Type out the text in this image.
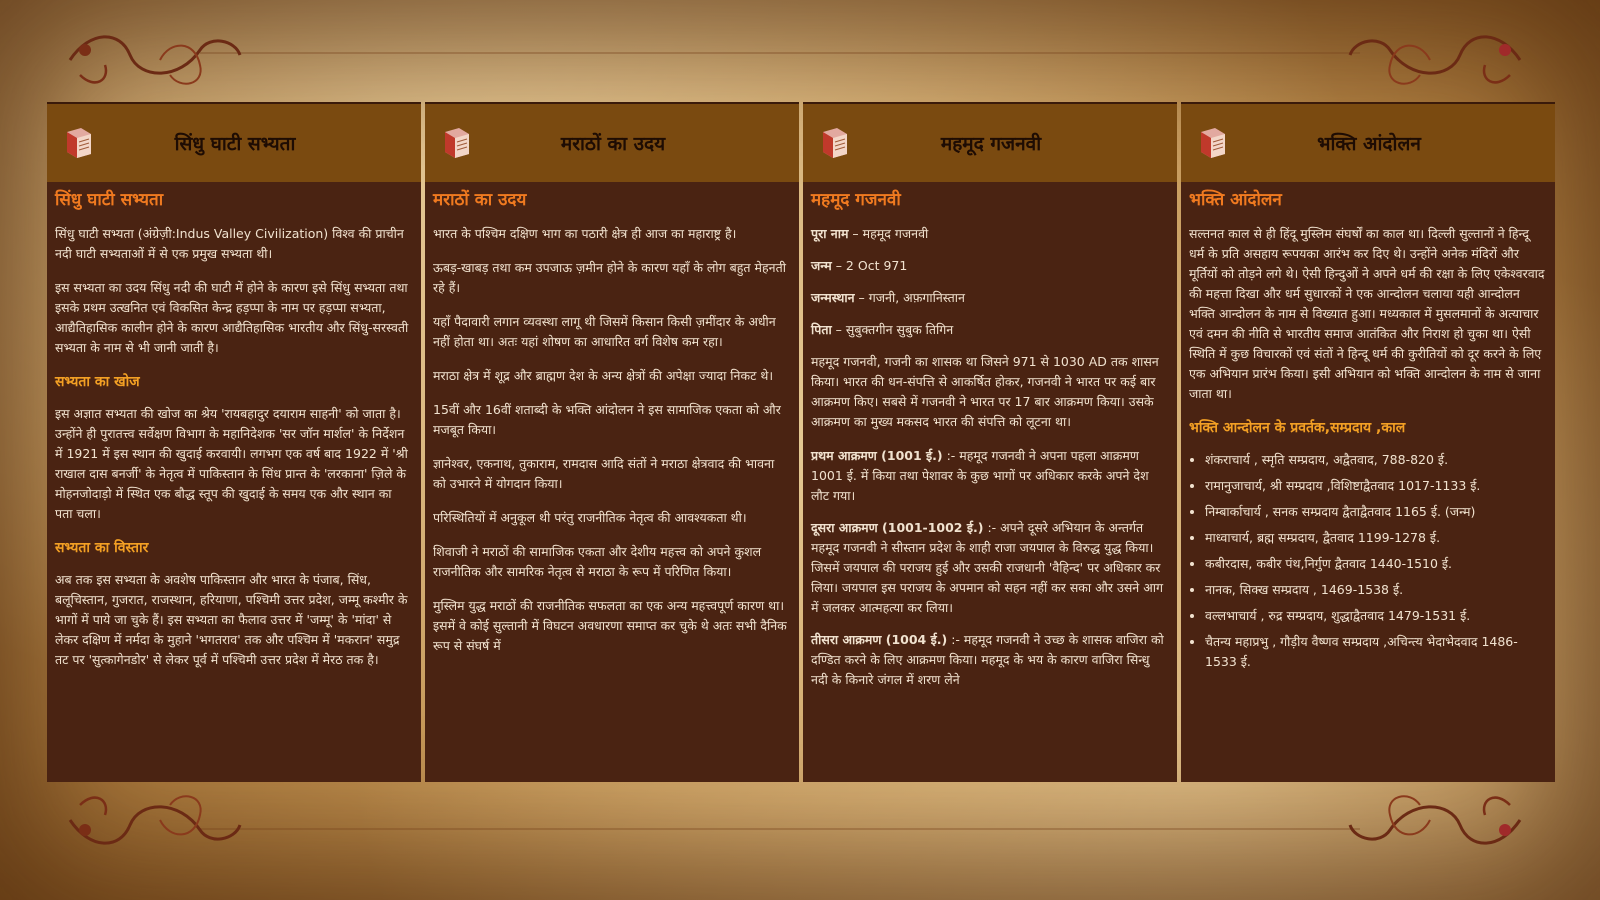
सिंधु घाटी सभ्यता
सिंधु घाटी सभ्यता

सिंधु घाटी सभ्यता (अंग्रेज़ी:Indus Valley Civilization) विश्व की प्राचीन नदी घाटी सभ्यताओं में से एक प्रमुख सभ्यता थी।

इस सभ्यता का उदय सिंधु नदी की घाटी में होने के कारण इसे सिंधु सभ्यता तथा इसके प्रथम उत्खनित एवं विकसित केन्द्र हड़प्पा के नाम पर हड़प्पा सभ्यता, आद्यैतिहासिक कालीन होने के कारण आद्यैतिहासिक भारतीय और सिंधु-सरस्वती सभ्यता के नाम से भी जानी जाती है।

सभ्यता का खोज

इस अज्ञात सभ्यता की खोज का श्रेय 'रायबहादुर दयाराम साहनी' को जाता है। उन्होंने ही पुरातत्त्व सर्वेक्षण विभाग के महानिदेशक 'सर जॉन मार्शल' के निर्देशन में 1921 में इस स्थान की खुदाई करवायी। लगभग एक वर्ष बाद 1922 में 'श्री राखाल दास बनर्जी' के नेतृत्व में पाकिस्तान के सिंध प्रान्त के 'लरकाना' ज़िले के मोहनजोदाड़ो में स्थित एक बौद्ध स्तूप की खुदाई के समय एक और स्थान का पता चला।

सभ्यता का विस्तार

अब तक इस सभ्यता के अवशेष पाकिस्तान और भारत के पंजाब, सिंध, बलूचिस्तान, गुजरात, राजस्थान, हरियाणा, पश्चिमी उत्तर प्रदेश, जम्मू कश्मीर के भागों में पाये जा चुके हैं। इस सभ्यता का फैलाव उत्तर में 'जम्मू' के 'मांदा' से लेकर दक्षिण में नर्मदा के मुहाने 'भगतराव' तक और पश्चिम में 'मकरान' समुद्र तट पर 'सुत्कागेनडोर' से लेकर पूर्व में पश्चिमी उत्तर प्रदेश में मेरठ तक है।

मराठों का उदय
मराठों का उदय

भारत के पश्चिम दक्षिण भाग का पठारी क्षेत्र ही आज का महाराष्ट्र है।

ऊबड़-खाबड़ तथा कम उपजाऊ ज़मीन होने के कारण यहाँ के लोग बहुत मेहनती रहे हैं।

यहाँ पैदावारी लगान व्यवस्था लागू थी जिसमें किसान किसी ज़मींदार के अधीन नहीं होता था। अतः यहां शोषण का आधारित वर्ग विशेष कम रहा।

मराठा क्षेत्र में शूद्र और ब्राह्मण देश के अन्य क्षेत्रों की अपेक्षा ज्यादा निकट थे।

15वीं और 16वीं शताब्दी के भक्ति आंदोलन ने इस सामाजिक एकता को और मजबूत किया।

ज्ञानेश्वर, एकनाथ, तुकाराम, रामदास आदि संतों ने मराठा क्षेत्रवाद की भावना को उभारने में योगदान किया।

परिस्थितियों में अनुकूल थी परंतु राजनीतिक नेतृत्व की आवश्यकता थी।

शिवाजी ने मराठों की सामाजिक एकता और देशीय महत्त्व को अपने कुशल राजनीतिक और सामरिक नेतृत्व से मराठा के रूप में परिणित किया।

मुस्लिम युद्ध मराठों की राजनीतिक सफलता का एक अन्य महत्त्वपूर्ण कारण था। इसमें वे कोई सुल्तानी में विघटन अवधारणा समाप्त कर चुके थे अतः सभी दैनिक रूप से संघर्ष में

महमूद गजनवी
महमूद गजनवी

पूरा नाम – महमूद गजनवी

जन्म – 2 Oct 971

जन्मस्थान – गजनी, अफ़गानिस्तान

पिता – सुबुक्तगीन सुबुक तिगिन

महमूद गजनवी, गजनी का शासक था जिसने 971 से 1030 AD तक शासन किया। भारत की धन-संपत्ति से आकर्षित होकर, गजनवी ने भारत पर कई बार आक्रमण किए। सबसे में गजनवी ने भारत पर 17 बार आक्रमण किया। उसके आक्रमण का मुख्य मकसद भारत की संपत्ति को लूटना था।

प्रथम आक्रमण (1001 ई.) :- महमूद गजनवी ने अपना पहला आक्रमण 1001 ई. में किया तथा पेशावर के कुछ भागों पर अधिकार करके अपने देश लौट गया।

दूसरा आक्रमण (1001-1002 ई.) :- अपने दूसरे अभियान के अन्तर्गत महमूद गजनवी ने सीस्तान प्रदेश के शाही राजा जयपाल के विरुद्ध युद्ध किया। जिसमें जयपाल की पराजय हुई और उसकी राजधानी 'वैहिन्द' पर अधिकार कर लिया। जयपाल इस पराजय के अपमान को सहन नहीं कर सका और उसने आग में जलकर आत्महत्या कर लिया।

तीसरा आक्रमण (1004 ई.) :- महमूद गजनवी ने उच्छ के शासक वाजिरा को दण्डित करने के लिए आक्रमण किया। महमूद के भय के कारण वाजिरा सिन्धु नदी के किनारे जंगल में शरण लेने

भक्ति आंदोलन
भक्ति आंदोलन

सल्तनत काल से ही हिंदू मुस्लिम संघर्षों का काल था। दिल्ली सुल्तानों ने हिन्दू धर्म के प्रति असहाय रूपयका आरंभ कर दिए थे। उन्होंने अनेक मंदिरों और मूर्तियों को तोड़ने लगे थे। ऐसी हिन्दुओं ने अपने धर्म की रक्षा के लिए एकेश्वरवाद की महत्ता दिखा और धर्म सुधारकों ने एक आन्दोलन चलाया यही आन्दोलन भक्ति आन्दोलन के नाम से विख्यात हुआ। मध्यकाल में मुसलमानों के अत्याचार एवं दमन की नीति से भारतीय समाज आतंकित और निराश हो चुका था। ऐसी स्थिति में कुछ विचारकों एवं संतों ने हिन्दू धर्म की कुरीतियों को दूर करने के लिए एक अभियान प्रारंभ किया। इसी अभियान को भक्ति आन्दोलन के नाम से जाना जाता था।

भक्ति आन्दोलन के प्रवर्तक,सम्प्रदाय ,काल
• शंकराचार्य , स्मृति सम्प्रदाय, अद्वैतवाद, 788-820 ई.
• रामानुजाचार्य, श्री सम्प्रदाय ,विशिष्टाद्वैतवाद 1017-1133 ई.
• निम्बार्काचार्य , सनक सम्प्रदाय द्वैताद्वैतवाद 1165 ई. (जन्म)
• माध्वाचार्य, ब्रह्म सम्प्रदाय, द्वैतवाद 1199-1278 ई.
• कबीरदास, कबीर पंथ,निर्गुण द्वैतवाद 1440-1510 ई.
• नानक, सिक्ख सम्प्रदाय , 1469-1538 ई.
• वल्लभाचार्य , रुद्र सम्प्रदाय, शुद्धाद्वैतवाद 1479-1531 ई.
• चैतन्य महाप्रभु , गौड़ीय वैष्णव सम्प्रदाय ,अचिन्त्य भेदाभेदवाद 1486-1533 ई.
